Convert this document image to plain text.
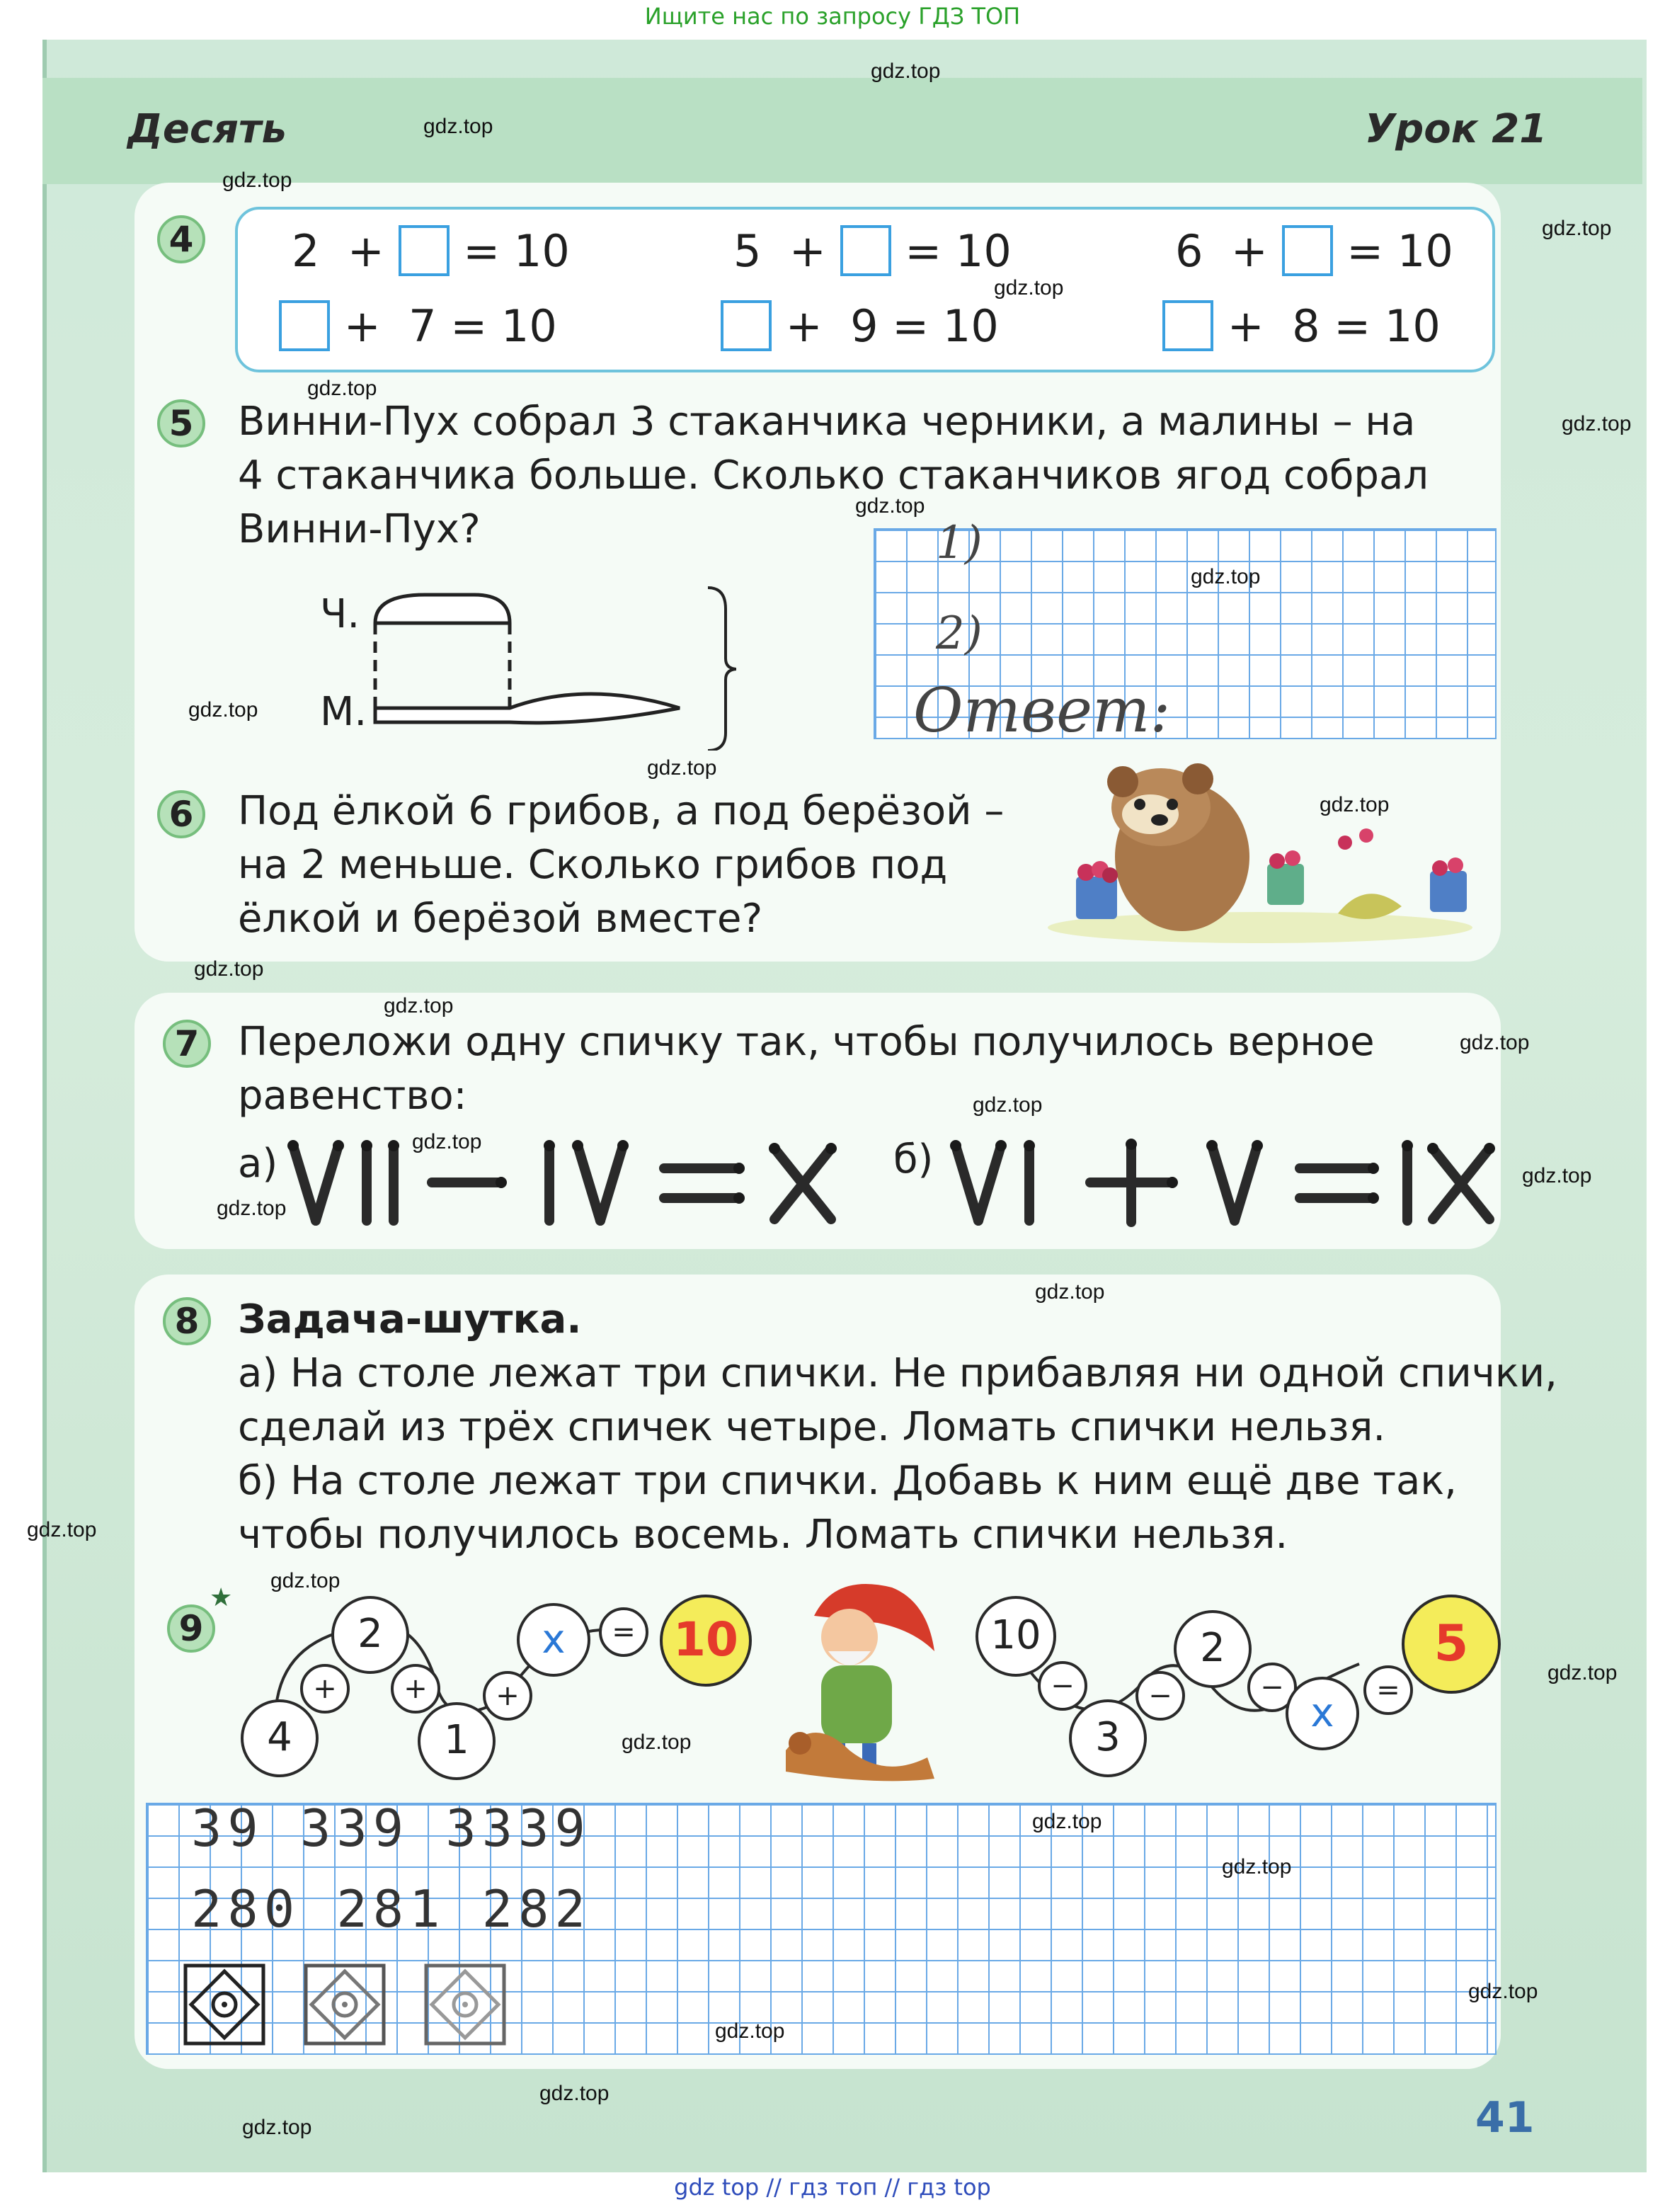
Ищите нас по запросу ГДЗ ТОП
Десять	Урок 21
4 2 + = 10	5 + = 10	6 + = 10
+ 7 = 10	+ 9 = 10	+ 8 = 10
5 Винни-Пух собрал 3 стаканчика черники, а малины – на
4 стаканчика больше. Сколько стаканчиков ягод собрал
Винни-Пух?
Ч.
М.
1)
2)
Ответ:
6 Под ёлкой 6 грибов, а под берёзой –
на 2 меньше. Сколько грибов под
ёлкой и берёзой вместе?
7 Переложи одну спичку так, чтобы получилось верное
равенство:
а)	б)
8 Задача-шутка.
а) На столе лежат три спички. Не прибавляя ни одной спички,
сделай из трёх спичек четыре. Ломать спички нельзя.
б) На столе лежат три спички. Добавь к ним ещё две так,
чтобы получилось восемь. Ломать спички нельзя.
9
★
4
+
2
+
1
+
x	= 10	10
−
3
−
2
−
x	=
5
39 339 3339
280 281 282
41
gdz.top
gdz.top
gdz.top
gdz.top
gdz.top
gdz.top
gdz.top
gdz.top
gdz.top
gdz.top
gdz.top
gdz.top
gdz.top
gdz.top
gdz.top
gdz.top
gdz.top
gdz.top
gdz.top
gdz.top
gdz.top
gdz.top
gdz.top
gdz.top
gdz.top
gdz.top
gdz.top
gdz.top
gdz.top
gdz.top
gdz top // гдз топ // гдз top
